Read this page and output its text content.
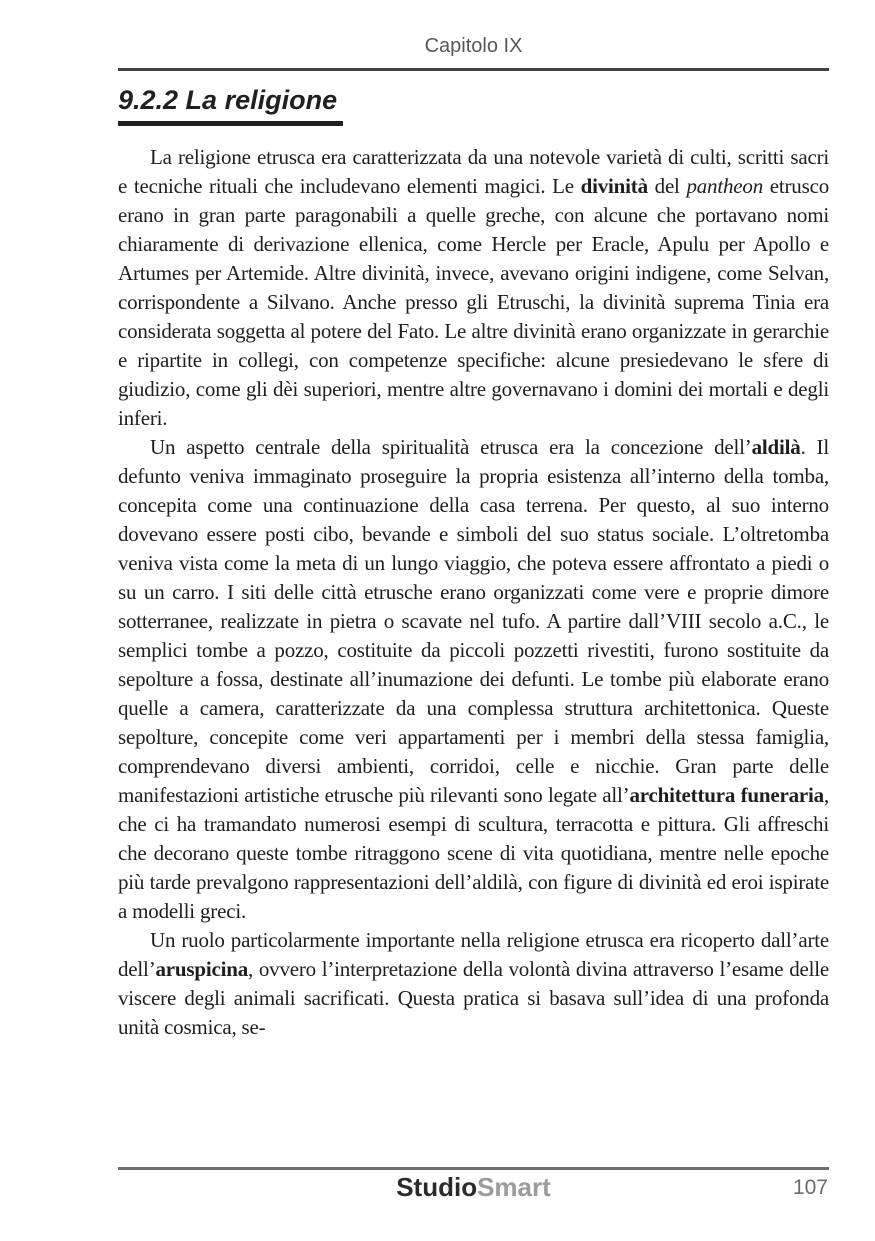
Capitolo IX
9.2.2 La religione

La religione etrusca era caratterizzata da una notevole varietà di culti, scritti sacri e tecniche rituali che includevano elementi magici. Le divinità del pantheon etrusco erano in gran parte paragonabili a quelle greche, con alcune che portavano nomi chiaramente di derivazione ellenica, come Hercle per Eracle, Apulu per Apollo e Artumes per Artemide. Altre divinità, invece, avevano origini indigene, come Selvan, corrispondente a Silvano. Anche presso gli Etruschi, la divinità suprema Tinia era considerata soggetta al potere del Fato. Le altre divinità erano organizzate in gerarchie e ripartite in collegi, con competenze specifiche: alcune presiedevano le sfere di giudizio, come gli dèi superiori, mentre altre governavano i domini dei mortali e degli inferi.

Un aspetto centrale della spiritualità etrusca era la concezione dell’aldilà. Il defunto veniva immaginato proseguire la propria esistenza all’interno della tomba, concepita come una continuazione della casa terrena. Per questo, al suo interno dovevano essere posti cibo, bevande e simboli del suo status sociale. L’oltretomba veniva vista come la meta di un lungo viaggio, che poteva essere affrontato a piedi o su un carro. I siti delle città etrusche erano organizzati come vere e proprie dimore sotterranee, realizzate in pietra o scavate nel tufo. A partire dall’VIII secolo a.C., le semplici tombe a pozzo, costituite da piccoli pozzetti rivestiti, furono sostituite da sepolture a fossa, destinate all’inumazione dei defunti. Le tombe più elaborate erano quelle a camera, caratterizzate da una complessa struttura architettonica. Queste sepolture, concepite come veri appartamenti per i membri della stessa famiglia, comprendevano diversi ambienti, corridoi, celle e nicchie. Gran parte delle manifestazioni artistiche etrusche più rilevanti sono legate all’architettura funeraria, che ci ha tramandato numerosi esempi di scultura, terracotta e pittura. Gli affreschi che decorano queste tombe ritraggono scene di vita quotidiana, mentre nelle epoche più tarde prevalgono rappresentazioni dell’aldilà, con figure di divinità ed eroi ispirate a modelli greci.

Un ruolo particolarmente importante nella religione etrusca era ricoperto dall’arte dell’aruspicina, ovvero l’interpretazione della volontà divina attraverso l’esame delle viscere degli animali sacrificati. Questa pratica si basava sull’idea di una profonda unità cosmica, se-

StudioSmart	107
